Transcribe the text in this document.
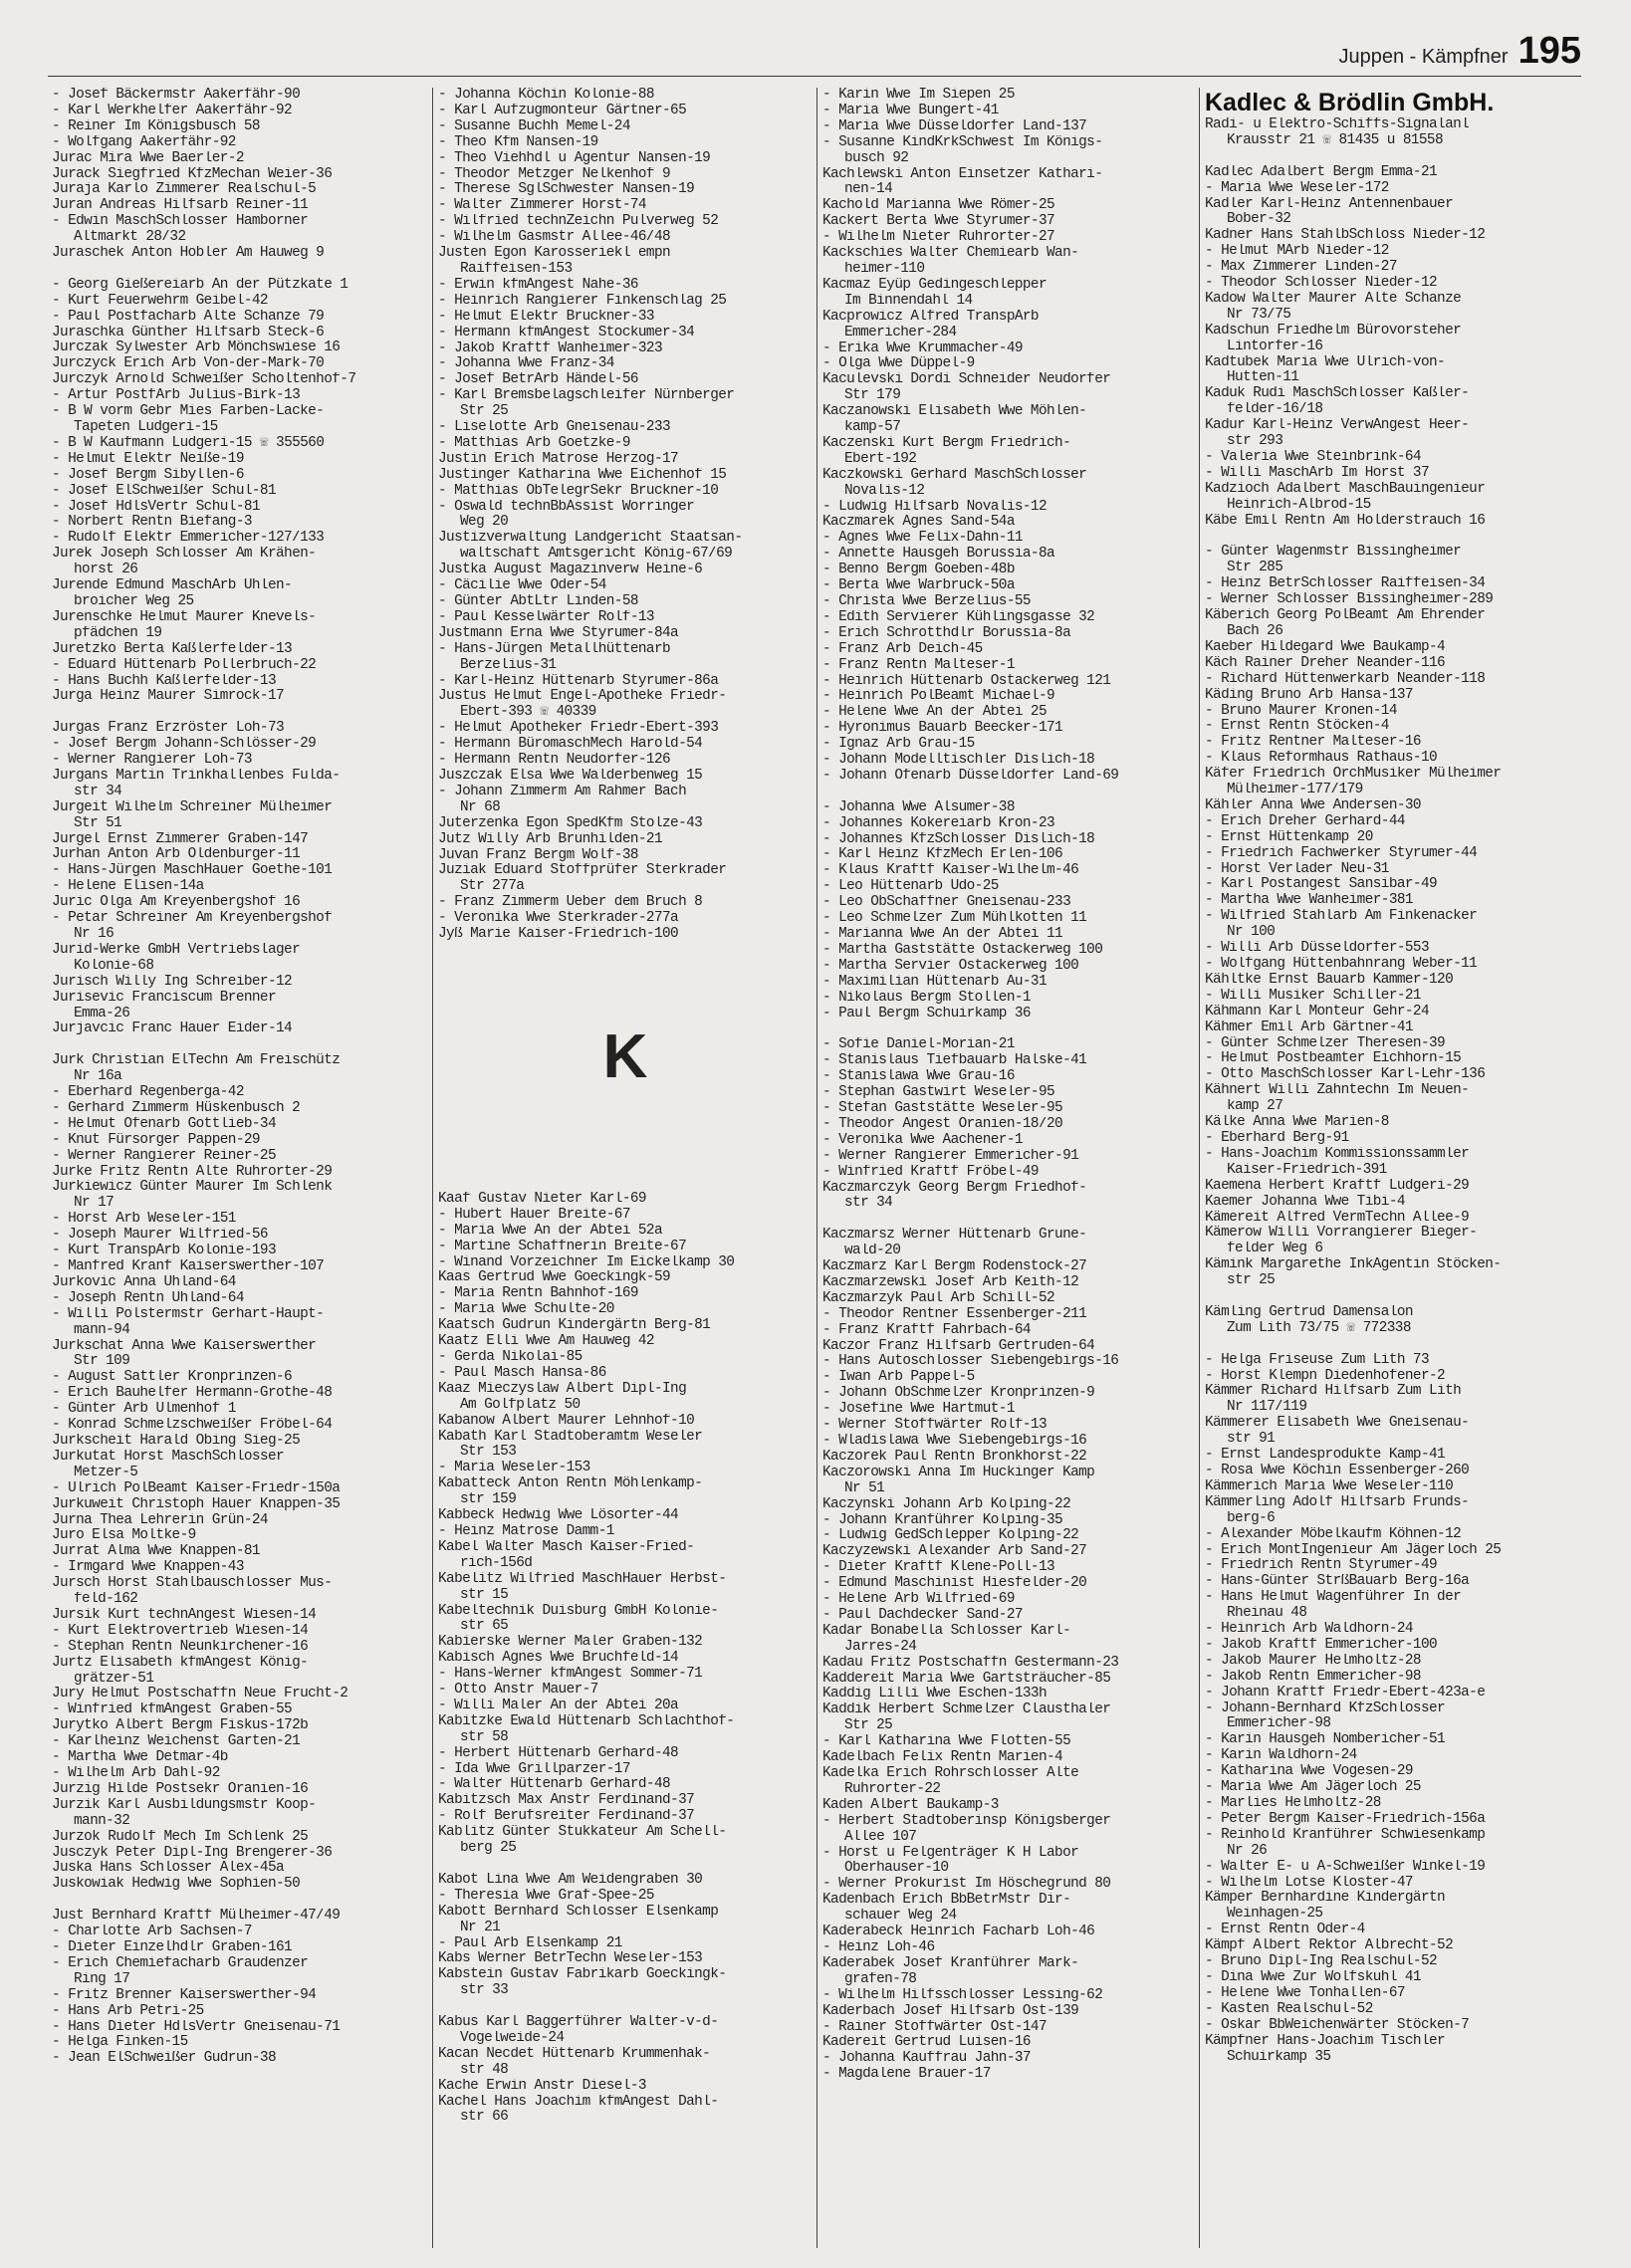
Juppen - Kämpfner 195
- Josef Bäckermstr Aakerfähr-90
- Karl Werkhelfer Aakerfähr-92
- Reiner Im Königsbusch 58
- Wolfgang Aakerfähr-92
Jurac Mira Wwe Baerler-2
Jurack Siegfried KfzMechan Weier-36
Juraja Karlo Zimmerer Realschul-5
Juran Andreas Hilfsarb Reiner-11
- Edwin MaschSchlosser Hamborner
Altmarkt 28/32
Juraschek Anton Hobler Am Hauweg 9
- Georg Gießereiarb An der Pützkate 1
- Kurt Feuerwehrm Geibel-42
- Paul Postfacharb Alte Schanze 79
Juraschka Günther Hilfsarb Steck-6
Jurczak Sylwester Arb Mönchswiese 16
Jurczyck Erich Arb Von-der-Mark-70
Jurczyk Arnold Schweißer Scholtenhof-7
- Artur PostfArb Julius-Birk-13
- B W vorm Gebr Mies Farben-Lacke-
Tapeten Ludgeri-15
- B W Kaufmann Ludgeri-15 ☏ 355560
- Helmut Elektr Neiße-19
- Josef Bergm Sibyllen-6
- Josef ElSchweißer Schul-81
- Josef HdlsVertr Schul-81
- Norbert Rentn Biefang-3
- Rudolf Elektr Emmericher-127/133
Jurek Joseph Schlosser Am Krähen-
horst 26
Jurende Edmund MaschArb Uhlen-
broicher Weg 25
Jurenschke Helmut Maurer Knevels-
pfädchen 19
Juretzko Berta Kaßlerfelder-13
- Eduard Hüttenarb Pollerbruch-22
- Hans Buchh Kaßlerfelder-13
Jurga Heinz Maurer Simrock-17
Jurgas Franz Erzröster Loh-73
- Josef Bergm Johann-Schlösser-29
- Werner Rangierer Loh-73
Jurgans Martin Trinkhallenbes Fulda-
str 34
Jurgeit Wilhelm Schreiner Mülheimer
Str 51
Jurgel Ernst Zimmerer Graben-147
Jurhan Anton Arb Oldenburger-11
- Hans-Jürgen MaschHauer Goethe-101
- Helene Elisen-14a
Juric Olga Am Kreyenbergshof 16
- Petar Schreiner Am Kreyenbergshof
Nr 16
Jurid-Werke GmbH Vertriebslager
Kolonie-68
Jurisch Willy Ing Schreiber-12
Jurisevic Franciscum Brenner
Emma-26
Jurjavcic Franc Hauer Eider-14
Jurk Christian ElTechn Am Freischütz
Nr 16a
- Eberhard Regenberga-42
- Gerhard Zimmerm Hüskenbusch 2
- Helmut Ofenarb Gottlieb-34
- Knut Fürsorger Pappen-29
- Werner Rangierer Reiner-25
Jurke Fritz Rentn Alte Ruhrorter-29
Jurkiewicz Günter Maurer Im Schlenk
Nr 17
- Horst Arb Weseler-151
- Joseph Maurer Wilfried-56
- Kurt TranspArb Kolonie-193
- Manfred Kranf Kaiserswerther-107
Jurkovic Anna Uhland-64
- Joseph Rentn Uhland-64
- Willi Polstermstr Gerhart-Haupt-
mann-94
Jurkschat Anna Wwe Kaiserswerther
Str 109
- August Sattler Kronprinzen-6
- Erich Bauhelfer Hermann-Grothe-48
- Günter Arb Ulmenhof 1
- Konrad Schmelzschweißer Fröbel-64
Jurkscheit Harald Obing Sieg-25
Jurkutat Horst MaschSchlosser
Metzer-5
- Ulrich PolBeamt Kaiser-Friedr-150a
Jurkuweit Christoph Hauer Knappen-35
Jurna Thea Lehrerin Grün-24
Juro Elsa Moltke-9
Jurrat Alma Wwe Knappen-81
- Irmgard Wwe Knappen-43
Jursch Horst Stahlbauschlosser Mus-
feld-162
Jursik Kurt technAngest Wiesen-14
- Kurt Elektrovertrieb Wiesen-14
- Stephan Rentn Neunkirchener-16
Jurtz Elisabeth kfmAngest König-
grätzer-51
Jury Helmut Postschaffn Neue Frucht-2
- Winfried kfmAngest Graben-55
Jurytko Albert Bergm Fiskus-172b
- Karlheinz Weichenst Garten-21
- Martha Wwe Detmar-4b
- Wilhelm Arb Dahl-92
Jurzig Hilde Postsekr Oranien-16
Jurzik Karl Ausbildungsmstr Koop-
mann-32
Jurzok Rudolf Mech Im Schlenk 25
Jusczyk Peter Dipl-Ing Brengerer-36
Juska Hans Schlosser Alex-45a
Juskowiak Hedwig Wwe Sophien-50
Just Bernhard Kraftf Mülheimer-47/49
- Charlotte Arb Sachsen-7
- Dieter Einzelhdlr Graben-161
- Erich Chemiefacharb Graudenzer
Ring 17
- Fritz Brenner Kaiserswerther-94
- Hans Arb Petri-25
- Hans Dieter HdlsVertr Gneisenau-71
- Helga Finken-15
- Jean ElSchweißer Gudrun-38
- Johanna Köchin Kolonie-88
- Karl Aufzugmonteur Gärtner-65
- Susanne Buchh Memel-24
- Theo Kfm Nansen-19
- Theo Viehhdl u Agentur Nansen-19
- Theodor Metzger Nelkenhof 9
- Therese SglSchwester Nansen-19
- Walter Zimmerer Horst-74
- Wilfried technZeichn Pulverweg 52
- Wilhelm Gasmstr Allee-46/48
Justen Egon Karosseriekl empn
Raiffeisen-153
- Erwin kfmAngest Nahe-36
- Heinrich Rangierer Finkenschlag 25
- Helmut Elektr Bruckner-33
- Hermann kfmAngest Stockumer-34
- Jakob Kraftf Wanheimer-323
- Johanna Wwe Franz-34
- Josef BetrArb Händel-56
- Karl Bremsbelagschleifer Nürnberger
Str 25
- Liselotte Arb Gneisenau-233
- Matthias Arb Goetzke-9
Justin Erich Matrose Herzog-17
Justinger Katharina Wwe Eichenhof 15
- Matthias ObTelegrSekr Bruckner-10
- Oswald technBbAssist Worringer
Weg 20
Justizverwaltung Landgericht Staatsan-
waltschaft Amtsgericht König-67/69
Justka August Magazinverw Heine-6
- Cäcilie Wwe Oder-54
- Günter AbtLtr Linden-58
- Paul Kesselwärter Rolf-13
Justmann Erna Wwe Styrumer-84a
- Hans-Jürgen Metallhüttenarb
Berzelius-31
- Karl-Heinz Hüttenarb Styrumer-86a
Justus Helmut Engel-Apotheke Friedr-
Ebert-393 ☏ 40339
- Helmut Apotheker Friedr-Ebert-393
- Hermann BüromaschMech Harold-54
- Hermann Rentn Neudorfer-126
Juszczak Elsa Wwe Walderbenweg 15
- Johann Zimmerm Am Rahmer Bach
Nr 68
Juterzenka Egon SpedKfm Stolze-43
Jutz Willy Arb Brunhilden-21
Juvan Franz Bergm Wolf-38
Juziak Eduard Stoffprüfer Sterkrader
Str 277a
- Franz Zimmerm Ueber dem Bruch 8
- Veronika Wwe Sterkrader-277a
Jyß Marie Kaiser-Friedrich-100
K
Kaaf Gustav Nieter Karl-69
- Hubert Hauer Breite-67
- Maria Wwe An der Abtei 52a
- Martine Schaffnerin Breite-67
- Winand Vorzeichner Im Eickelkamp 30
Kaas Gertrud Wwe Goeckingk-59
- Maria Rentn Bahnhof-169
- Maria Wwe Schulte-20
Kaatsch Gudrun Kindergärtn Berg-81
Kaatz Elli Wwe Am Hauweg 42
- Gerda Nikolai-85
- Paul Masch Hansa-86
Kaaz Mieczyslaw Albert Dipl-Ing
Am Golfplatz 50
Kabanow Albert Maurer Lehnhof-10
Kabath Karl Stadtoberamtm Weseler
Str 153
- Maria Weseler-153
Kabatteck Anton Rentn Möhlenkamp-
str 159
Kabbeck Hedwig Wwe Lösorter-44
- Heinz Matrose Damm-1
Kabel Walter Masch Kaiser-Fried-
rich-156d
Kabelitz Wilfried MaschHauer Herbst-
str 15
Kabeltechnik Duisburg GmbH Kolonie-
str 65
Kabierske Werner Maler Graben-132
Kabisch Agnes Wwe Bruchfeld-14
- Hans-Werner kfmAngest Sommer-71
- Otto Anstr Mauer-7
- Willi Maler An der Abtei 20a
Kabitzke Ewald Hüttenarb Schlachthof-
str 58
- Herbert Hüttenarb Gerhard-48
- Ida Wwe Grillparzer-17
- Walter Hüttenarb Gerhard-48
Kabitzsch Max Anstr Ferdinand-37
- Rolf Berufsreiter Ferdinand-37
Kablitz Günter Stukkateur Am Schell-
berg 25
Kabot Lina Wwe Am Weidengraben 30
- Theresia Wwe Graf-Spee-25
Kabott Bernhard Schlosser Elsenkamp
Nr 21
- Paul Arb Elsenkamp 21
Kabs Werner BetrTechn Weseler-153
Kabstein Gustav Fabrikarb Goeckingk-
str 33
Kabus Karl Baggerführer Walter-v-d-
Vogelweide-24
Kacan Necdet Hüttenarb Krummenhak-
str 48
Kache Erwin Anstr Diesel-3
Kachel Hans Joachim kfmAngest Dahl-
str 66
- Karin Wwe Im Siepen 25
- Maria Wwe Bungert-41
- Maria Wwe Düsseldorfer Land-137
- Susanne KindKrkSchwest Im Königs-
busch 92
Kachlewski Anton Einsetzer Kathari-
nen-14
Kachold Marianna Wwe Römer-25
Kackert Berta Wwe Styrumer-37
- Wilhelm Nieter Ruhrorter-27
Kackschies Walter Chemiearb Wan-
heimer-110
Kacmaz Eyüp Gedingeschlepper
Im Binnendahl 14
Kacprowicz Alfred TranspArb
Emmericher-284
- Erika Wwe Krummacher-49
- Olga Wwe Düppel-9
Kaculevski Dordi Schneider Neudorfer
Str 179
Kaczanowski Elisabeth Wwe Möhlen-
kamp-57
Kaczenski Kurt Bergm Friedrich-
Ebert-192
Kaczkowski Gerhard MaschSchlosser
Novalis-12
- Ludwig Hilfsarb Novalis-12
Kaczmarek Agnes Sand-54a
- Agnes Wwe Felix-Dahn-11
- Annette Hausgeh Borussia-8a
- Benno Bergm Goeben-48b
- Berta Wwe Warbruck-50a
- Christa Wwe Berzelius-55
- Edith Servierer Kühlingsgasse 32
- Erich Schrotthdlr Borussia-8a
- Franz Arb Deich-45
- Franz Rentn Malteser-1
- Heinrich Hüttenarb Ostackerweg 121
- Heinrich PolBeamt Michael-9
- Helene Wwe An der Abtei 25
- Hyronimus Bauarb Beecker-171
- Ignaz Arb Grau-15
- Johann Modelltischler Dislich-18
- Johann Ofenarb Düsseldorfer Land-69
- Johanna Wwe Alsumer-38
- Johannes Kokereiarb Kron-23
- Johannes KfzSchlosser Dislich-18
- Karl Heinz KfzMech Erlen-106
- Klaus Kraftf Kaiser-Wilhelm-46
- Leo Hüttenarb Udo-25
- Leo ObSchaffner Gneisenau-233
- Leo Schmelzer Zum Mühlkotten 11
- Marianna Wwe An der Abtei 11
- Martha Gaststätte Ostackerweg 100
- Martha Servier Ostackerweg 100
- Maximilian Hüttenarb Au-31
- Nikolaus Bergm Stollen-1
- Paul Bergm Schuirkamp 36
- Sofie Daniel-Morian-21
- Stanislaus Tiefbauarb Halske-41
- Stanislawa Wwe Grau-16
- Stephan Gastwirt Weseler-95
- Stefan Gaststätte Weseler-95
- Theodor Angest Oranien-18/20
- Veronika Wwe Aachener-1
- Werner Rangierer Emmericher-91
- Winfried Kraftf Fröbel-49
Kaczmarczyk Georg Bergm Friedhof-
str 34
Kaczmarsz Werner Hüttenarb Grune-
wald-20
Kaczmarz Karl Bergm Rodenstock-27
Kaczmarzewski Josef Arb Keith-12
Kaczmarzyk Paul Arb Schill-52
- Theodor Rentner Essenberger-211
- Franz Kraftf Fahrbach-64
Kaczor Franz Hilfsarb Gertruden-64
- Hans Autoschlosser Siebengebirgs-16
- Iwan Arb Pappel-5
- Johann ObSchmelzer Kronprinzen-9
- Josefine Wwe Hartmut-1
- Werner Stoffwärter Rolf-13
- Wladislawa Wwe Siebengebirgs-16
Kaczorek Paul Rentn Bronkhorst-22
Kaczorowski Anna Im Huckinger Kamp
Nr 51
Kaczynski Johann Arb Kolping-22
- Johann Kranführer Kolping-35
- Ludwig GedSchlepper Kolping-22
Kaczyzewski Alexander Arb Sand-27
- Dieter Kraftf Klene-Poll-13
- Edmund Maschinist Hiesfelder-20
- Helene Arb Wilfried-69
- Paul Dachdecker Sand-27
Kadar Bonabella Schlosser Karl-
Jarres-24
Kadau Fritz Postschaffn Gestermann-23
Kaddereit Maria Wwe Gartsträucher-85
Kaddig Lilli Wwe Eschen-133h
Kaddik Herbert Schmelzer Clausthaler
Str 25
- Karl Katharina Wwe Flotten-55
Kadelbach Felix Rentn Marien-4
Kadelka Erich Rohrschlosser Alte
Ruhrorter-22
Kaden Albert Baukamp-3
- Herbert Stadtoberinsp Königsberger
Allee 107
- Horst u Felgenträger K H Labor
Oberhauser-10
- Werner Prokurist Im Höschegrund 80
Kadenbach Erich BbBetrMstr Dir-
schauer Weg 24
Kaderabeck Heinrich Facharb Loh-46
- Heinz Loh-46
Kaderabek Josef Kranführer Mark-
grafen-78
- Wilhelm Hilfsschlosser Lessing-62
Kaderbach Josef Hilfsarb Ost-139
- Rainer Stoffwärter Ost-147
Kadereit Gertrud Luisen-16
- Johanna Kauffrau Jahn-37
- Magdalene Brauer-17
Kadlec & Brödlin GmbH.
Radi- u Elektro-Schiffs-Signalanl
Krausstr 21 ☏ 81435 u 81558
Kadlec Adalbert Bergm Emma-21
- Maria Wwe Weseler-172
Kadler Karl-Heinz Antennenbauer
Bober-32
Kadner Hans StahlbSchloss Nieder-12
- Helmut MArb Nieder-12
- Max Zimmerer Linden-27
- Theodor Schlosser Nieder-12
Kadow Walter Maurer Alte Schanze
Nr 73/75
Kadschun Friedhelm Bürovorsteher
Lintorfer-16
Kadtubek Maria Wwe Ulrich-von-
Hutten-11
Kaduk Rudi MaschSchlosser Kaßler-
felder-16/18
Kadur Karl-Heinz VerwAngest Heer-
str 293
- Valeria Wwe Steinbrink-64
- Willi MaschArb Im Horst 37
Kadzioch Adalbert MaschBauingenieur
Heinrich-Albrod-15
Käbe Emil Rentn Am Holderstrauch 16
- Günter Wagenmstr Bissingheimer
Str 285
- Heinz BetrSchlosser Raiffeisen-34
- Werner Schlosser Bissingheimer-289
Käberich Georg PolBeamt Am Ehrender
Bach 26
Kaeber Hildegard Wwe Baukamp-4
Käch Rainer Dreher Neander-116
- Richard Hüttenwerkarb Neander-118
Käding Bruno Arb Hansa-137
- Bruno Maurer Kronen-14
- Ernst Rentn Stöcken-4
- Fritz Rentner Malteser-16
- Klaus Reformhaus Rathaus-10
Käfer Friedrich OrchMusiker Mülheimer
Mülheimer-177/179
Kähler Anna Wwe Andersen-30
- Erich Dreher Gerhard-44
- Ernst Hüttenkamp 20
- Friedrich Fachwerker Styrumer-44
- Horst Verlader Neu-31
- Karl Postangest Sansibar-49
- Martha Wwe Wanheimer-381
- Wilfried Stahlarb Am Finkenacker
Nr 100
- Willi Arb Düsseldorfer-553
- Wolfgang Hüttenbahnrang Weber-11
Kähltke Ernst Bauarb Kammer-120
- Willi Musiker Schiller-21
Kähmann Karl Monteur Gehr-24
Kähmer Emil Arb Gärtner-41
- Günter Schmelzer Theresen-39
- Helmut Postbeamter Eichhorn-15
- Otto MaschSchlosser Karl-Lehr-136
Kähnert Willi Zahntechn Im Neuen-
kamp 27
Kälke Anna Wwe Marien-8
- Eberhard Berg-91
- Hans-Joachim Kommissionssammler
Kaiser-Friedrich-391
Kaemena Herbert Kraftf Ludgeri-29
Kaemer Johanna Wwe Tibi-4
Kämereit Alfred VermTechn Allee-9
Kämerow Willi Vorrangierer Bieger-
felder Weg 6
Kämink Margarethe InkAgentin Stöcken-
str 25
Kämling Gertrud Damensalon
Zum Lith 73/75 ☏ 772338
- Helga Friseuse Zum Lith 73
- Horst Klempn Diedenhofener-2
Kämmer Richard Hilfsarb Zum Lith
Nr 117/119
Kämmerer Elisabeth Wwe Gneisenau-
str 91
- Ernst Landesprodukte Kamp-41
- Rosa Wwe Köchin Essenberger-260
Kämmerich Maria Wwe Weseler-110
Kämmerling Adolf Hilfsarb Frunds-
berg-6
- Alexander Möbelkaufm Köhnen-12
- Erich MontIngenieur Am Jägerloch 25
- Friedrich Rentn Styrumer-49
- Hans-Günter StrßBauarb Berg-16a
- Hans Helmut Wagenführer In der
Rheinau 48
- Heinrich Arb Waldhorn-24
- Jakob Kraftf Emmericher-100
- Jakob Maurer Helmholtz-28
- Jakob Rentn Emmericher-98
- Johann Kraftf Friedr-Ebert-423a-e
- Johann-Bernhard KfzSchlosser
Emmericher-98
- Karin Hausgeh Nombericher-51
- Karin Waldhorn-24
- Katharina Wwe Vogesen-29
- Maria Wwe Am Jägerloch 25
- Marlies Helmholtz-28
- Peter Bergm Kaiser-Friedrich-156a
- Reinhold Kranführer Schwiesenkamp
Nr 26
- Walter E- u A-Schweißer Winkel-19
- Wilhelm Lotse Kloster-47
Kämper Bernhardine Kindergärtn
Weinhagen-25
- Ernst Rentn Oder-4
Kämpf Albert Rektor Albrecht-52
- Bruno Dipl-Ing Realschul-52
- Dina Wwe Zur Wolfskuhl 41
- Helene Wwe Tonhallen-67
- Kasten Realschul-52
- Oskar BbWeichenwärter Stöcken-7
Kämpfner Hans-Joachim Tischler
Schuirkamp 35
